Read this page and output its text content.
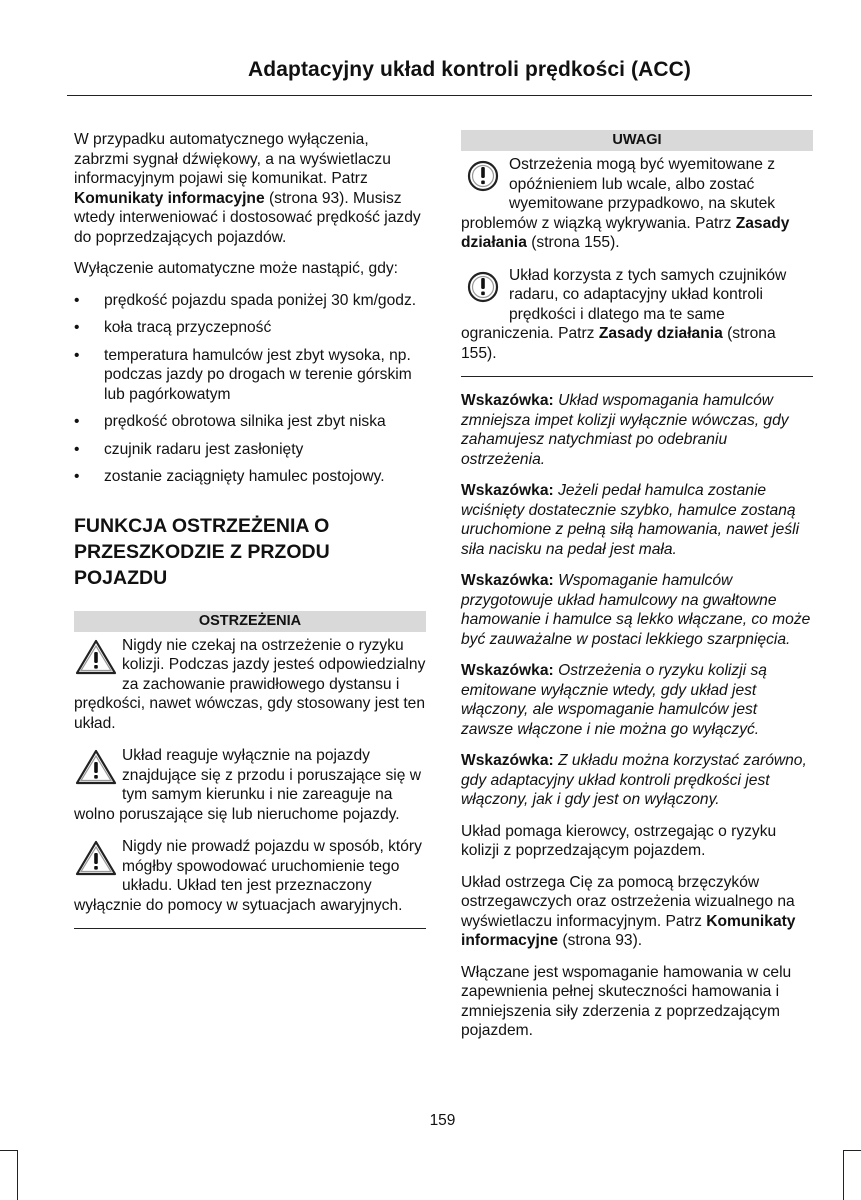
Adaptacyjny układ kontroli prędkości (ACC)

W przypadku automatycznego wyłączenia, zabrzmi sygnał dźwiękowy, a na wyświetlaczu informacyjnym pojawi się komunikat. Patrz Komunikaty informacyjne (strona 93). Musisz wtedy interweniować i dostosować prędkość jazdy do poprzedzających pojazdów.

Wyłączenie automatyczne może nastąpić, gdy:

• prędkość pojazdu spada poniżej 30 km/godz.
• koła tracą przyczepność
• temperatura hamulców jest zbyt wysoka, np. podczas jazdy po drogach w terenie górskim lub pagórkowatym
• prędkość obrotowa silnika jest zbyt niska
• czujnik radaru jest zasłonięty
• zostanie zaciągnięty hamulec postojowy.
FUNKCJA OSTRZEŻENIA O PRZESZKODZIE Z PRZODU POJAZDU
OSTRZEŻENIA
Nigdy nie czekaj na ostrzeżenie o ryzyku kolizji. Podczas jazdy jesteś odpowiedzialny za zachowanie prawidłowego dystansu i prędkości, nawet wówczas, gdy stosowany jest ten układ.
Układ reaguje wyłącznie na pojazdy znajdujące się z przodu i poruszające się w tym samym kierunku i nie zareaguje na wolno poruszające się lub nieruchome pojazdy.
Nigdy nie prowadź pojazdu w sposób, który mógłby spowodować uruchomienie tego układu. Układ ten jest przeznaczony wyłącznie do pomocy w sytuacjach awaryjnych.
UWAGI
Ostrzeżenia mogą być wyemitowane z opóźnieniem lub wcale, albo zostać wyemitowane przypadkowo, na skutek problemów z wiązką wykrywania. Patrz Zasady działania (strona 155).
Układ korzysta z tych samych czujników radaru, co adaptacyjny układ kontroli prędkości i dlatego ma te same ograniczenia. Patrz Zasady działania (strona 155).

Wskazówka: Układ wspomagania hamulców zmniejsza impet kolizji wyłącznie wówczas, gdy zahamujesz natychmiast po odebraniu ostrzeżenia.

Wskazówka: Jeżeli pedał hamulca zostanie wciśnięty dostatecznie szybko, hamulce zostaną uruchomione z pełną siłą hamowania, nawet jeśli siła nacisku na pedał jest mała.

Wskazówka: Wspomaganie hamulców przygotowuje układ hamulcowy na gwałtowne hamowanie i hamulce są lekko włączane, co może być zauważalne w postaci lekkiego szarpnięcia.

Wskazówka: Ostrzeżenia o ryzyku kolizji są emitowane wyłącznie wtedy, gdy układ jest włączony, ale wspomaganie hamulców jest zawsze włączone i nie można go wyłączyć.

Wskazówka: Z układu można korzystać zarówno, gdy adaptacyjny układ kontroli prędkości jest włączony, jak i gdy jest on wyłączony.

Układ pomaga kierowcy, ostrzegając o ryzyku kolizji z poprzedzającym pojazdem.

Układ ostrzega Cię za pomocą brzęczyków ostrzegawczych oraz ostrzeżenia wizualnego na wyświetlaczu informacyjnym. Patrz Komunikaty informacyjne (strona 93).

Włączane jest wspomaganie hamowania w celu zapewnienia pełnej skuteczności hamowania i zmniejszenia siły zderzenia z poprzedzającym pojazdem.

159
